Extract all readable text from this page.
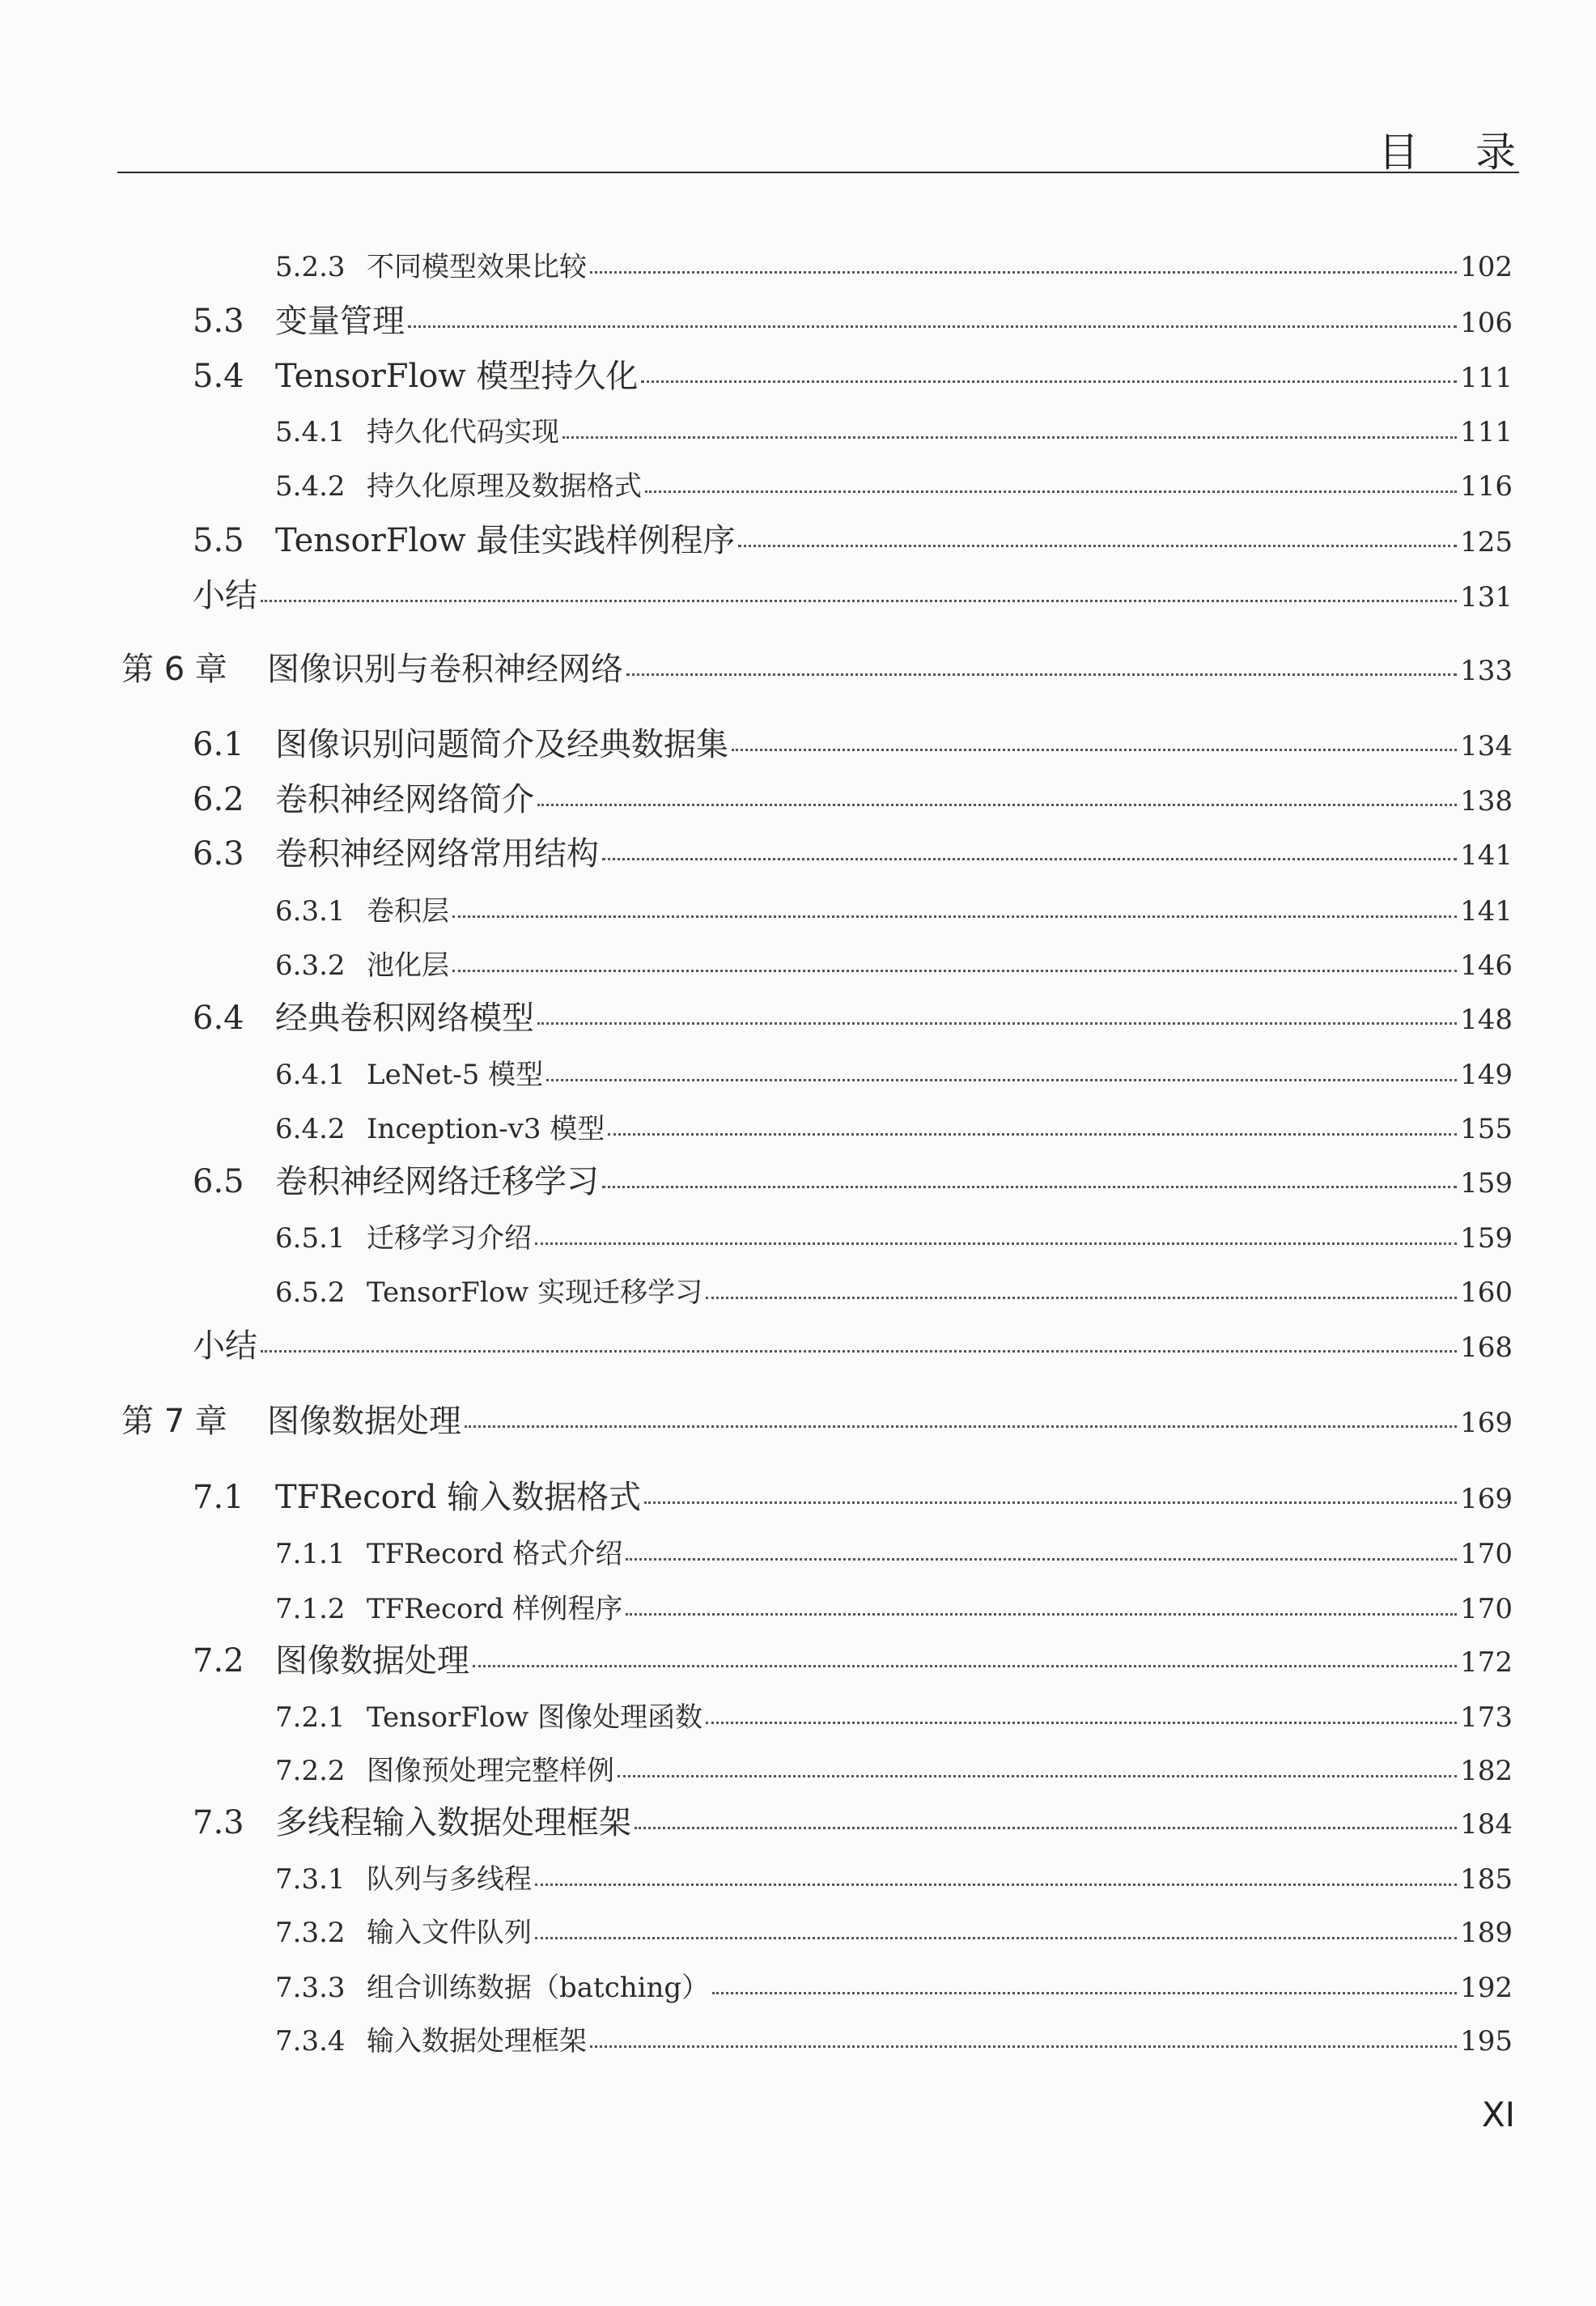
目录
5.2.3 不同模型效果比较	102
5.3 变量管理	106
5.4 TensorFlow 模型持久化	111
5.4.1 持久化代码实现	111
5.4.2 持久化原理及数据格式	116
5.5 TensorFlow 最佳实践样例程序	125
小结	131
第 6 章	图像识别与卷积神经网络	133
6.1 图像识别问题简介及经典数据集	134
6.2 卷积神经网络简介	138
6.3 卷积神经网络常用结构	141
6.3.1 卷积层	141
6.3.2 池化层	146
6.4 经典卷积网络模型	148
6.4.1 LeNet-5 模型	149
6.4.2 Inception-v3 模型	155
6.5 卷积神经网络迁移学习	159
6.5.1 迁移学习介绍	159
6.5.2 TensorFlow 实现迁移学习	160
小结	168
第 7 章	图像数据处理	169
7.1 TFRecord 输入数据格式	169
7.1.1 TFRecord 格式介绍	170
7.1.2 TFRecord 样例程序	170
7.2 图像数据处理	172
7.2.1 TensorFlow 图像处理函数	173
7.2.2 图像预处理完整样例	182
7.3 多线程输入数据处理框架	184
7.3.1 队列与多线程	185
7.3.2 输入文件队列	189
7.3.3 组合训练数据（batching）	192
7.3.4 输入数据处理框架	195
XI
